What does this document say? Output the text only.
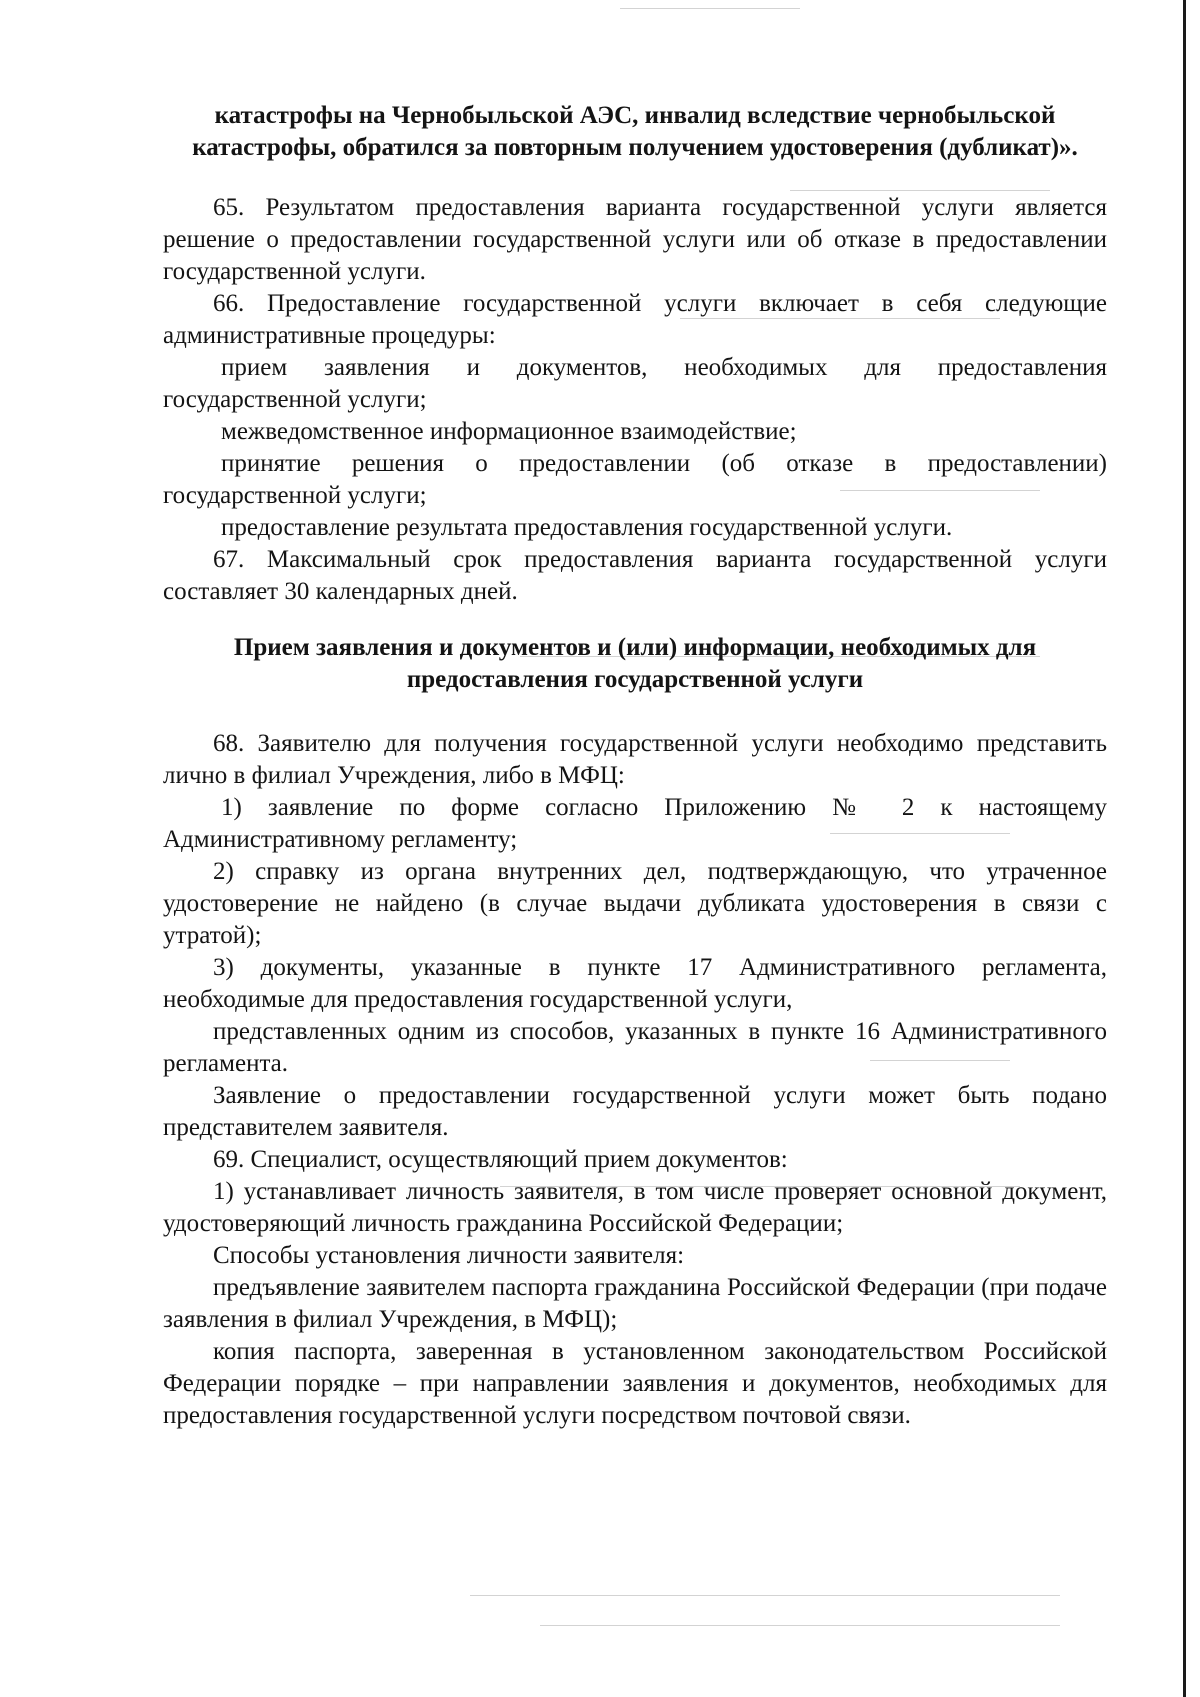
катастрофы на Чернобыльской АЭС, инвалид вследствие чернобыльской катастрофы, обратился за повторным получением удостоверения (дубликат)».

65. Результатом предоставления варианта государственной услуги является решение о предоставлении государственной услуги или об отказе в предоставлении государственной услуги.

66. Предоставление государственной услуги включает в себя следующие административные процедуры:

прием заявления и документов, необходимых для предоставления государственной услуги;

межведомственное информационное взаимодействие;

принятие решения о предоставлении (об отказе в предоставлении) государственной услуги;

предоставление результата предоставления государственной услуги.

67. Максимальный срок предоставления варианта государственной услуги составляет 30 календарных дней.

Прием заявления и документов и (или) информации, необходимых для предоставления государственной услуги

68. Заявителю для получения государственной услуги необходимо представить лично в филиал Учреждения, либо в МФЦ:

1) заявление по форме согласно Приложению № 2 к настоящему Административному регламенту;

2) справку из органа внутренних дел, подтверждающую, что утраченное удостоверение не найдено (в случае выдачи дубликата удостоверения в связи с утратой);

3) документы, указанные в пункте 17 Административного регламента, необходимые для предоставления государственной услуги,

представленных одним из способов, указанных в пункте 16 Административного регламента.

Заявление о предоставлении государственной услуги может быть подано представителем заявителя.

69. Специалист, осуществляющий прием документов:

1) устанавливает личность заявителя, в том числе проверяет основной документ, удостоверяющий личность гражданина Российской Федерации;

Способы установления личности заявителя:

предъявление заявителем паспорта гражданина Российской Федерации (при подаче заявления в филиал Учреждения, в МФЦ);

копия паспорта, заверенная в установленном законодательством Российской Федерации порядке – при направлении заявления и документов, необходимых для предоставления государственной услуги посредством почтовой связи.
